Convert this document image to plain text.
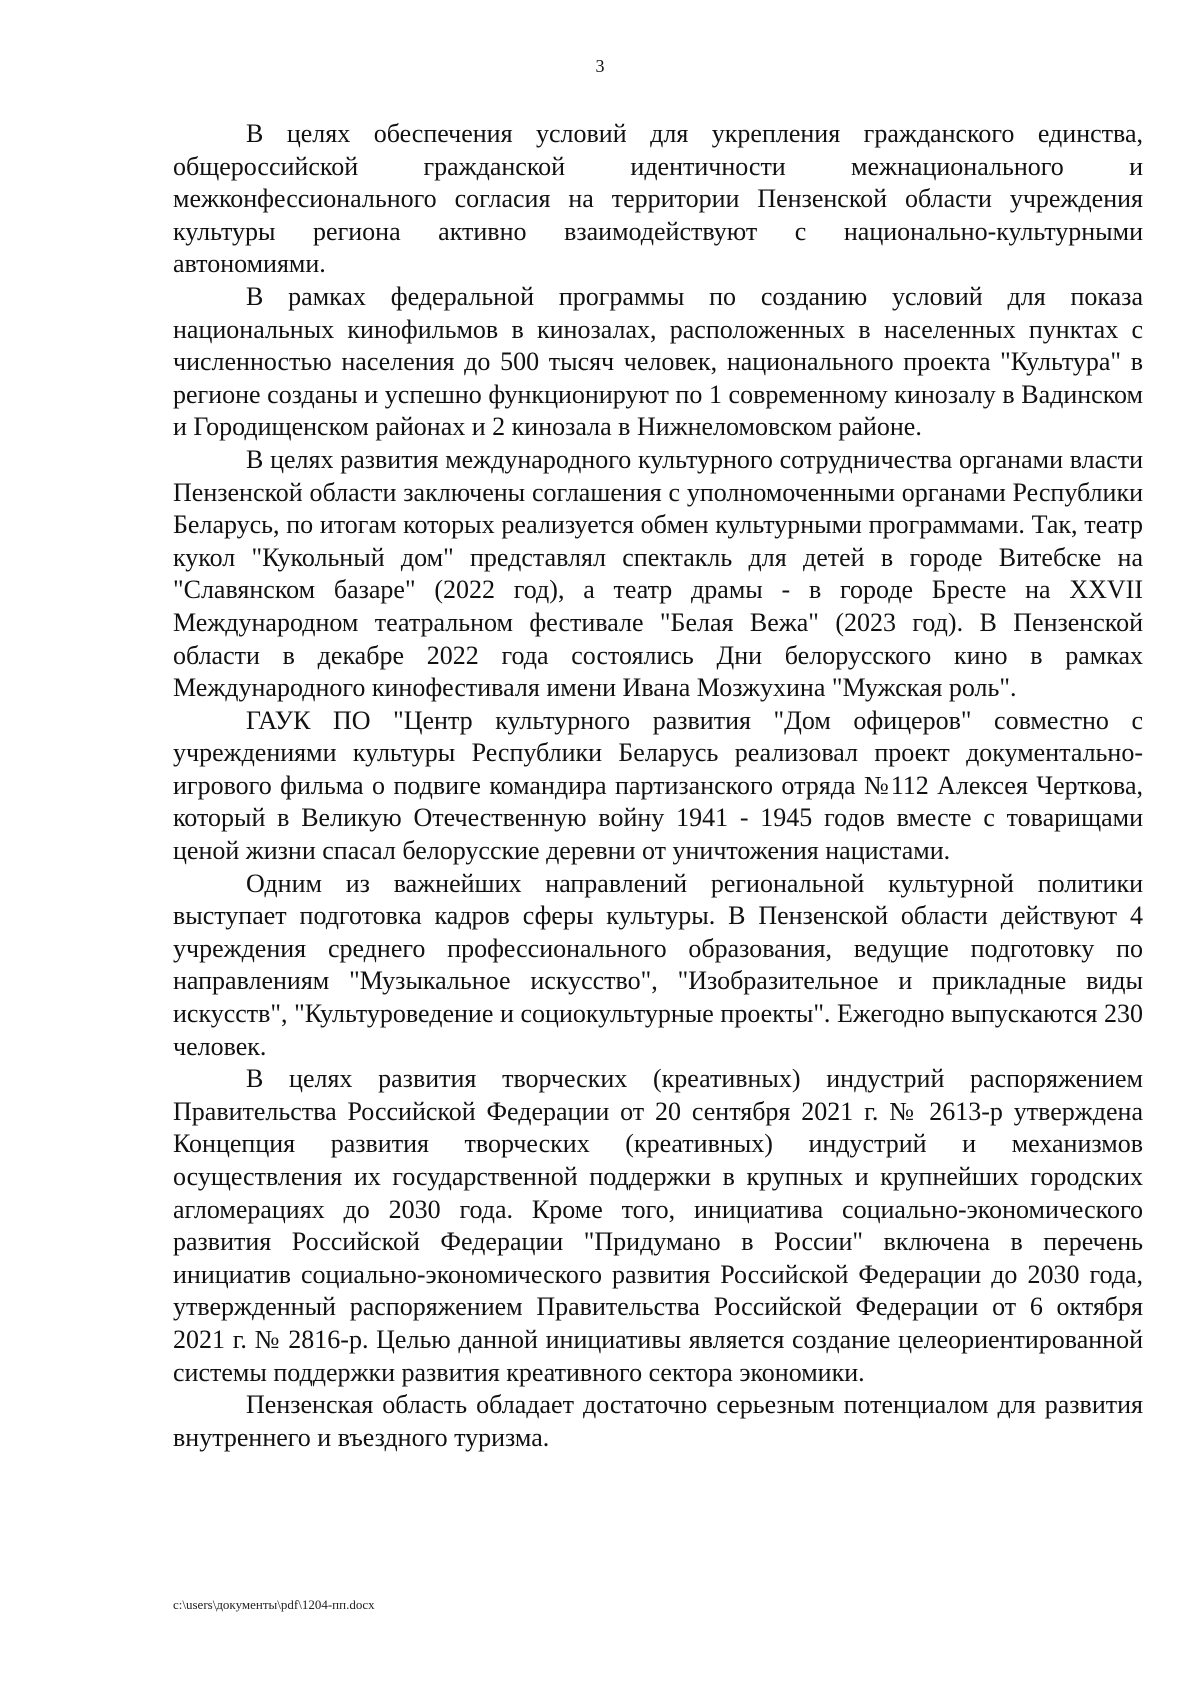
3

В целях обеспечения условий для укрепления гражданского единства, общероссийской гражданской идентичности межнационального и межконфессионального согласия на территории Пензенской области учреждения культуры региона активно взаимодействуют с национально-культурными автономиями.

В рамках федеральной программы по созданию условий для показа национальных кинофильмов в кинозалах, расположенных в населенных пунктах с численностью населения до 500 тысяч человек, национального проекта "Культура" в регионе созданы и успешно функционируют по 1 современному кинозалу в Вадинском и Городищенском районах и 2 кинозала в Нижнеломовском районе.

В целях развития международного культурного сотрудничества органами власти Пензенской области заключены соглашения с уполномоченными органами Республики Беларусь, по итогам которых реализуется обмен культурными программами. Так, театр кукол "Кукольный дом" представлял спектакль для детей в городе Витебске на "Славянском базаре" (2022 год), а театр драмы - в городе Бресте на XXVII Международном театральном фестивале "Белая Вежа" (2023 год). В Пензенской области в декабре 2022 года состоялись Дни белорусского кино в рамках Международного кинофестиваля имени Ивана Мозжухина "Мужская роль".

ГАУК ПО "Центр культурного развития "Дом офицеров" совместно с учреждениями культуры Республики Беларусь реализовал проект документально-игрового фильма о подвиге командира партизанского отряда №112 Алексея Черткова, который в Великую Отечественную войну 1941 - 1945 годов вместе с товарищами ценой жизни спасал белорусские деревни от уничтожения нацистами.

Одним из важнейших направлений региональной культурной политики выступает подготовка кадров сферы культуры. В Пензенской области действуют 4 учреждения среднего профессионального образования, ведущие подготовку по направлениям "Музыкальное искусство", "Изобразительное и прикладные виды искусств", "Культуроведение и социокультурные проекты". Ежегодно выпускаются 230 человек.

В целях развития творческих (креативных) индустрий распоряжением Правительства Российской Федерации от 20 сентября 2021 г. № 2613-р утверждена Концепция развития творческих (креативных) индустрий и механизмов осуществления их государственной поддержки в крупных и крупнейших городских агломерациях до 2030 года. Кроме того, инициатива социально-экономического развития Российской Федерации "Придумано в России" включена в перечень инициатив социально-экономического развития Российской Федерации до 2030 года, утвержденный распоряжением Правительства Российской Федерации от 6 октября 2021 г. № 2816-р. Целью данной инициативы является создание целеориентированной системы поддержки развития креативного сектора экономики.

Пензенская область обладает достаточно серьезным потенциалом для развития внутреннего и въездного туризма.

c:\users\документы\pdf\1204-пп.docx
